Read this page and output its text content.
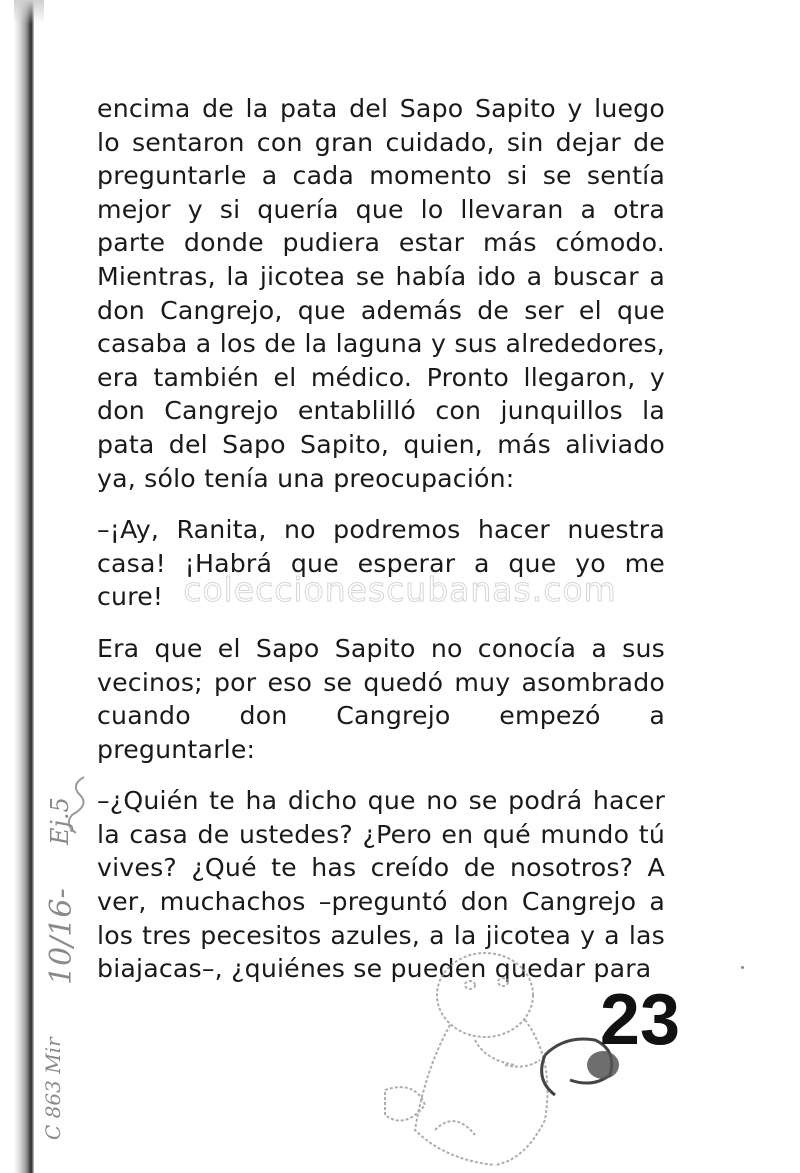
encima de la pata del Sapo Sapito y luego lo sentaron con gran cuidado, sin dejar de preguntarle a cada momento si se sentía mejor y si quería que lo llevaran a otra parte donde pudiera estar más cómodo. Mientras, la jicotea se había ido a buscar a don Cangrejo, que además de ser el que casaba a los de la laguna y sus alrededores, era también el médico. Pronto llegaron, y don Cangrejo entablilló con junquillos la pata del Sapo Sapito, quien, más aliviado ya, sólo tenía una preocupación:

–¡Ay, Ranita, no podremos hacer nuestra casa! ¡Habrá que esperar a que yo me cure!

Era que el Sapo Sapito no conocía a sus vecinos; por eso se quedó muy asombrado cuando don Cangrejo empezó a preguntarle:

–¿Quién te ha dicho que no se podrá hacer la casa de ustedes? ¿Pero en qué mundo tú vives? ¿Qué te has creído de nosotros? A ver, muchachos –preguntó don Cangrejo a los tres pecesitos azules, a la jicotea y a las biajacas–, ¿quiénes se pueden quedar para

coleccionescubanas.com
23
Ej.5
10/16-
C 863 Mir
